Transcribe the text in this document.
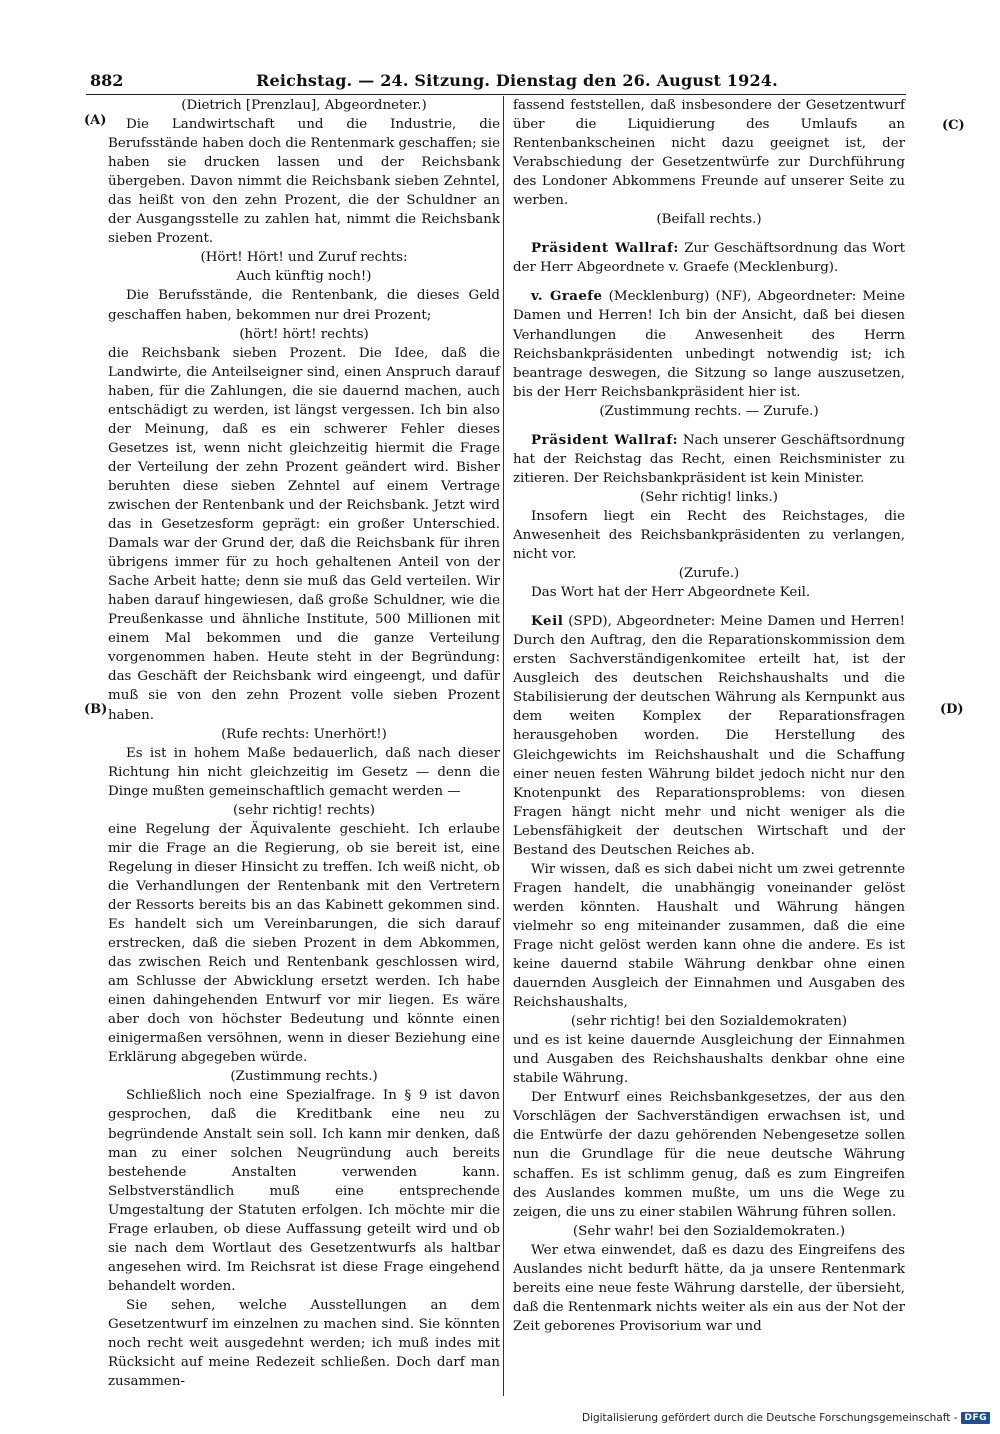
882	Reichstag. — 24. Sitzung. Dienstag den 26. August 1924.
(A)
(B)
(C)
(D)

(Dietrich [Prenzlau], Abgeordneter.)

Die Landwirtschaft und die Industrie, die Berufsstände haben doch die Rentenmark geschaffen; sie haben sie drucken lassen und der Reichsbank übergeben. Davon nimmt die Reichsbank sieben Zehntel, das heißt von den zehn Prozent, die der Schuldner an der Ausgangsstelle zu zahlen hat, nimmt die Reichsbank sieben Prozent.

(Hört! Hört! und Zuruf rechts:

Auch künftig noch!)

Die Berufsstände, die Rentenbank, die dieses Geld geschaffen haben, bekommen nur drei Prozent;

(hört! hört! rechts)

die Reichsbank sieben Prozent. Die Idee, daß die Landwirte, die Anteilseigner sind, einen Anspruch darauf haben, für die Zahlungen, die sie dauernd machen, auch entschädigt zu werden, ist längst vergessen. Ich bin also der Meinung, daß es ein schwerer Fehler dieses Gesetzes ist, wenn nicht gleichzeitig hiermit die Frage der Verteilung der zehn Prozent geändert wird. Bisher beruhten diese sieben Zehntel auf einem Vertrage zwischen der Rentenbank und der Reichsbank. Jetzt wird das in Gesetzesform geprägt: ein großer Unterschied. Damals war der Grund der, daß die Reichsbank für ihren übrigens immer für zu hoch gehaltenen Anteil von der Sache Arbeit hatte; denn sie muß das Geld verteilen. Wir haben darauf hingewiesen, daß große Schuldner, wie die Preußenkasse und ähnliche Institute, 500 Millionen mit einem Mal bekommen und die ganze Verteilung vorgenommen haben. Heute steht in der Begründung: das Geschäft der Reichsbank wird eingeengt, und dafür muß sie von den zehn Prozent volle sieben Prozent haben.

(Rufe rechts: Unerhört!)

Es ist in hohem Maße bedauerlich, daß nach dieser Richtung hin nicht gleichzeitig im Gesetz — denn die Dinge mußten gemeinschaftlich gemacht werden —

(sehr richtig! rechts)

eine Regelung der Äquivalente geschieht. Ich erlaube mir die Frage an die Regierung, ob sie bereit ist, eine Regelung in dieser Hinsicht zu treffen. Ich weiß nicht, ob die Verhandlungen der Rentenbank mit den Vertretern der Ressorts bereits bis an das Kabinett gekommen sind. Es handelt sich um Vereinbarungen, die sich darauf erstrecken, daß die sieben Prozent in dem Abkommen, das zwischen Reich und Rentenbank geschlossen wird, am Schlusse der Abwicklung ersetzt werden. Ich habe einen dahingehenden Entwurf vor mir liegen. Es wäre aber doch von höchster Bedeutung und könnte einen einigermaßen versöhnen, wenn in dieser Beziehung eine Erklärung abgegeben würde.

(Zustimmung rechts.)

Schließlich noch eine Spezialfrage. In § 9 ist davon gesprochen, daß die Kreditbank eine neu zu begründende Anstalt sein soll. Ich kann mir denken, daß man zu einer solchen Neugründung auch bereits bestehende Anstalten verwenden kann. Selbstverständlich muß eine entsprechende Umgestaltung der Statuten erfolgen. Ich möchte mir die Frage erlauben, ob diese Auffassung geteilt wird und ob sie nach dem Wortlaut des Gesetzentwurfs als haltbar angesehen wird. Im Reichsrat ist diese Frage eingehend behandelt worden.

Sie sehen, welche Ausstellungen an dem Gesetzentwurf im einzelnen zu machen sind. Sie könnten noch recht weit ausgedehnt werden; ich muß indes mit Rücksicht auf meine Redezeit schließen. Doch darf man zusammen-

fassend feststellen, daß insbesondere der Gesetzentwurf über die Liquidierung des Umlaufs an Rentenbankscheinen nicht dazu geeignet ist, der Verabschiedung der Gesetzentwürfe zur Durchführung des Londoner Abkommens Freunde auf unserer Seite zu werben.

(Beifall rechts.)

Präsident Wallraf: Zur Geschäftsordnung das Wort der Herr Abgeordnete v. Graefe (Mecklenburg).

v. Graefe (Mecklenburg) (NF), Abgeordneter: Meine Damen und Herren! Ich bin der Ansicht, daß bei diesen Verhandlungen die Anwesenheit des Herrn Reichsbankpräsidenten unbedingt notwendig ist; ich beantrage deswegen, die Sitzung so lange auszusetzen, bis der Herr Reichsbankpräsident hier ist.

(Zustimmung rechts. — Zurufe.)

Präsident Wallraf: Nach unserer Geschäftsordnung hat der Reichstag das Recht, einen Reichsminister zu zitieren. Der Reichsbankpräsident ist kein Minister.

(Sehr richtig! links.)

Insofern liegt ein Recht des Reichstages, die Anwesenheit des Reichsbankpräsidenten zu verlangen, nicht vor.

(Zurufe.)

Das Wort hat der Herr Abgeordnete Keil.

Keil (SPD), Abgeordneter: Meine Damen und Herren! Durch den Auftrag, den die Reparationskommission dem ersten Sachverständigenkomitee erteilt hat, ist der Ausgleich des deutschen Reichshaushalts und die Stabilisierung der deutschen Währung als Kernpunkt aus dem weiten Komplex der Reparationsfragen herausgehoben worden. Die Herstellung des Gleichgewichts im Reichshaushalt und die Schaffung einer neuen festen Währung bildet jedoch nicht nur den Knotenpunkt des Reparationsproblems: von diesen Fragen hängt nicht mehr und nicht weniger als die Lebensfähigkeit der deutschen Wirtschaft und der Bestand des Deutschen Reiches ab.

Wir wissen, daß es sich dabei nicht um zwei getrennte Fragen handelt, die unabhängig voneinander gelöst werden könnten. Haushalt und Währung hängen vielmehr so eng miteinander zusammen, daß die eine Frage nicht gelöst werden kann ohne die andere. Es ist keine dauernd stabile Währung denkbar ohne einen dauernden Ausgleich der Einnahmen und Ausgaben des Reichshaushalts,

(sehr richtig! bei den Sozialdemokraten)

und es ist keine dauernde Ausgleichung der Einnahmen und Ausgaben des Reichshaushalts denkbar ohne eine stabile Währung.

Der Entwurf eines Reichsbankgesetzes, der aus den Vorschlägen der Sachverständigen erwachsen ist, und die Entwürfe der dazu gehörenden Nebengesetze sollen nun die Grundlage für die neue deutsche Währung schaffen. Es ist schlimm genug, daß es zum Eingreifen des Auslandes kommen mußte, um uns die Wege zu zeigen, die uns zu einer stabilen Währung führen sollen.

(Sehr wahr! bei den Sozialdemokraten.)

Wer etwa einwendet, daß es dazu des Eingreifens des Auslandes nicht bedurft hätte, da ja unsere Rentenmark bereits eine neue feste Währung darstelle, der übersieht, daß die Rentenmark nichts weiter als ein aus der Not der Zeit geborenes Provisorium war und

Digitalisierung gefördert durch die Deutsche Forschungsgemeinschaft - DFG
